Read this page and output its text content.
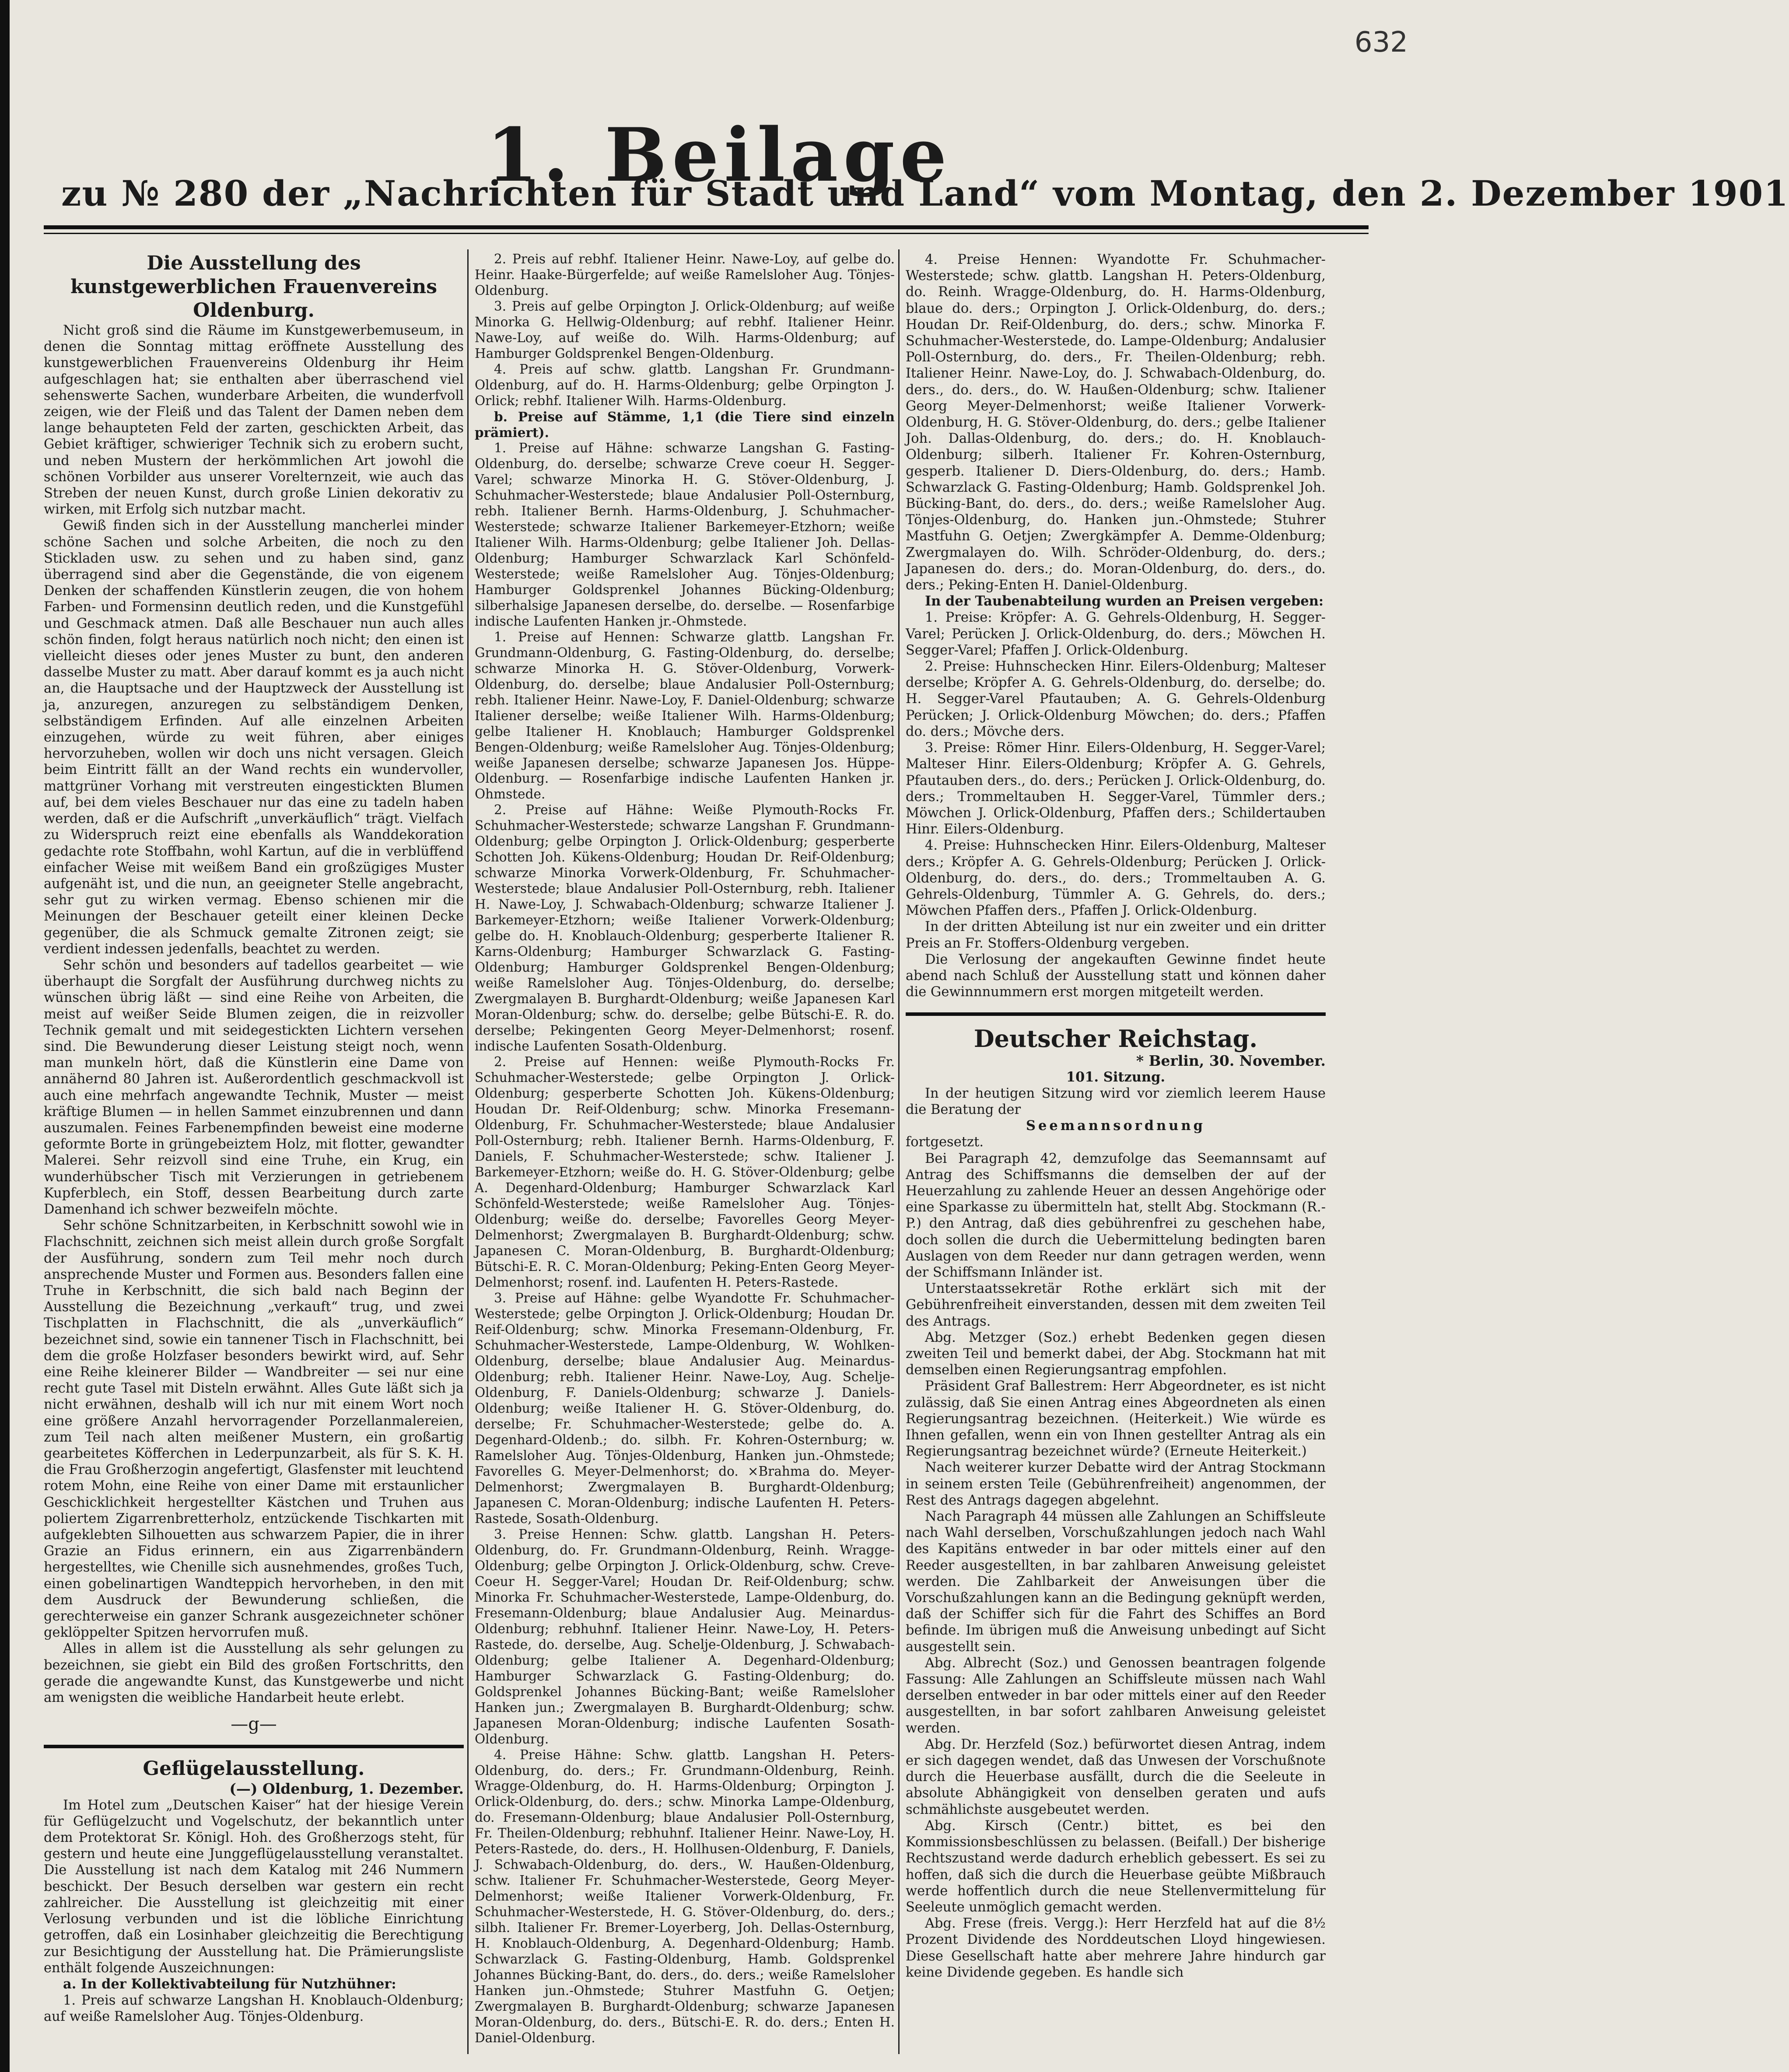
632
1. Beilage
zu № 280 der „Nachrichten für Stadt und Land“ vom Montag, den 2. Dezember 1901

Die Ausstellung des kunstgewerblichen Frauenvereins Oldenburg.

Nicht groß sind die Räume im Kunstgewerbemuseum, in denen die Sonntag mittag eröffnete Ausstellung des kunstgewerblichen Frauenvereins Oldenburg ihr Heim aufgeschlagen hat; sie enthalten aber überraschend viel sehenswerte Sachen, wunderbare Arbeiten, die wunderfvoll zeigen, wie der Fleiß und das Talent der Damen neben dem lange behaupteten Feld der zarten, geschickten Arbeit, das Gebiet kräftiger, schwieriger Technik sich zu erobern sucht, und neben Mustern der herkömmlichen Art jowohl die schönen Vorbilder aus unserer Vorelternzeit, wie auch das Streben der neuen Kunst, durch große Linien dekorativ zu wirken, mit Erfolg sich nutzbar macht.

Gewiß finden sich in der Ausstellung mancherlei minder schöne Sachen und solche Arbeiten, die noch zu den Stickladen usw. zu sehen und zu haben sind, ganz überragend sind aber die Gegenstände, die von eigenem Denken der schaffenden Künstlerin zeugen, die von hohem Farben- und Formensinn deutlich reden, und die Kunstgefühl und Geschmack atmen. Daß alle Beschauer nun auch alles schön finden, folgt heraus natürlich noch nicht; den einen ist vielleicht dieses oder jenes Muster zu bunt, den anderen dasselbe Muster zu matt. Aber darauf kommt es ja auch nicht an, die Hauptsache und der Hauptzweck der Ausstellung ist ja, anzuregen, anzuregen zu selbständigem Denken, selbständigem Erfinden. Auf alle einzelnen Arbeiten einzugehen, würde zu weit führen, aber einiges hervorzuheben, wollen wir doch uns nicht versagen. Gleich beim Eintritt fällt an der Wand rechts ein wundervoller, mattgrüner Vorhang mit verstreuten eingestickten Blumen auf, bei dem vieles Beschauer nur das eine zu tadeln haben werden, daß er die Aufschrift „unverkäuflich“ trägt. Vielfach zu Widerspruch reizt eine ebenfalls als Wanddekoration gedachte rote Stoffbahn, wohl Kartun, auf die in verblüffend einfacher Weise mit weißem Band ein großzügiges Muster aufgenäht ist, und die nun, an geeigneter Stelle angebracht, sehr gut zu wirken vermag. Ebenso schienen mir die Meinungen der Beschauer geteilt einer kleinen Decke gegenüber, die als Schmuck gemalte Zitronen zeigt; sie verdient indessen jedenfalls, beachtet zu werden.

Sehr schön und besonders auf tadellos gearbeitet — wie überhaupt die Sorgfalt der Ausführung durchweg nichts zu wünschen übrig läßt — sind eine Reihe von Arbeiten, die meist auf weißer Seide Blumen zeigen, die in reizvoller Technik gemalt und mit seidegestickten Lichtern versehen sind. Die Bewunderung dieser Leistung steigt noch, wenn man munkeln hört, daß die Künstlerin eine Dame von annähernd 80 Jahren ist. Außerordentlich geschmackvoll ist auch eine mehrfach angewandte Technik, Muster — meist kräftige Blumen — in hellen Sammet einzubrennen und dann auszumalen. Feines Farbenempfinden beweist eine moderne geformte Borte in grüngebeiztem Holz, mit flotter, gewandter Malerei. Sehr reizvoll sind eine Truhe, ein Krug, ein wunderhübscher Tisch mit Verzierungen in getriebenem Kupferblech, ein Stoff, dessen Bearbeitung durch zarte Damenhand ich schwer bezweifeln möchte.

Sehr schöne Schnitzarbeiten, in Kerbschnitt sowohl wie in Flachschnitt, zeichnen sich meist allein durch große Sorgfalt der Ausführung, sondern zum Teil mehr noch durch ansprechende Muster und Formen aus. Besonders fallen eine Truhe in Kerbschnitt, die sich bald nach Beginn der Ausstellung die Bezeichnung „verkauft“ trug, und zwei Tischplatten in Flachschnitt, die als „unverkäuflich“ bezeichnet sind, sowie ein tannener Tisch in Flachschnitt, bei dem die große Holzfaser besonders bewirkt wird, auf. Sehr eine Reihe kleinerer Bilder — Wandbreiter — sei nur eine recht gute Tasel mit Disteln erwähnt. Alles Gute läßt sich ja nicht erwähnen, deshalb will ich nur mit einem Wort noch eine größere Anzahl hervorragender Porzellanmalereien, zum Teil nach alten meißener Mustern, ein großartig gearbeitetes Köfferchen in Lederpunzarbeit, als für S. K. H. die Frau Großherzogin angefertigt, Glasfenster mit leuchtend rotem Mohn, eine Reihe von einer Dame mit erstaunlicher Geschicklichkeit hergestellter Kästchen und Truhen aus poliertem Zigarrenbretterholz, entzückende Tischkarten mit aufgeklebten Silhouetten aus schwarzem Papier, die in ihrer Grazie an Fidus erinnern, ein aus Zigarrenbändern hergestelltes, wie Chenille sich ausnehmendes, großes Tuch, einen gobelinartigen Wandteppich hervorheben, in den mit dem Ausdruck der Bewunderung schließen, die gerechterweise ein ganzer Schrank ausgezeichneter schöner geklöppelter Spitzen hervorrufen muß.

Alles in allem ist die Ausstellung als sehr gelungen zu bezeichnen, sie giebt ein Bild des großen Fortschritts, den gerade die angewandte Kunst, das Kunstgewerbe und nicht am wenigsten die weibliche Handarbeit heute erlebt.

—g—

Geflügelausstellung.

(—) Oldenburg, 1. Dezember.

Im Hotel zum „Deutschen Kaiser“ hat der hiesige Verein für Geflügelzucht und Vogelschutz, der bekanntlich unter dem Protektorat Sr. Königl. Hoh. des Großherzogs steht, für gestern und heute eine Junggeflügelausstellung veranstaltet. Die Ausstellung ist nach dem Katalog mit 246 Nummern beschickt. Der Besuch derselben war gestern ein recht zahlreicher. Die Ausstellung ist gleichzeitig mit einer Verlosung verbunden und ist die löbliche Einrichtung getroffen, daß ein Losinhaber gleichzeitig die Berechtigung zur Besichtigung der Ausstellung hat. Die Prämierungsliste enthält folgende Auszeichnungen:

a. In der Kollektivabteilung für Nutzhühner:

1. Preis auf schwarze Langshan H. Knoblauch-Oldenburg; auf weiße Ramelsloher Aug. Tönjes-Oldenburg.

2. Preis auf rebhf. Italiener Heinr. Nawe-Loy, auf gelbe do. Heinr. Haake-Bürgerfelde; auf weiße Ramelsloher Aug. Tönjes-Oldenburg.

3. Preis auf gelbe Orpington J. Orlick-Oldenburg; auf weiße Minorka G. Hellwig-Oldenburg; auf rebhf. Italiener Heinr. Nawe-Loy, auf weiße do. Wilh. Harms-Oldenburg; auf Hamburger Goldsprenkel Bengen-Oldenburg.

4. Preis auf schw. glattb. Langshan Fr. Grundmann-Oldenburg, auf do. H. Harms-Oldenburg; gelbe Orpington J. Orlick; rebhf. Italiener Wilh. Harms-Oldenburg.

b. Preise auf Stämme, 1,1 (die Tiere sind einzeln prämiert).

1. Preise auf Hähne: schwarze Langshan G. Fasting-Oldenburg, do. derselbe; schwarze Creve coeur H. Segger-Varel; schwarze Minorka H. G. Stöver-Oldenburg, J. Schuhmacher-Westerstede; blaue Andalusier Poll-Osternburg, rebh. Italiener Bernh. Harms-Oldenburg, J. Schuhmacher-Westerstede; schwarze Italiener Barkemeyer-Etzhorn; weiße Italiener Wilh. Harms-Oldenburg; gelbe Italiener Joh. Dellas-Oldenburg; Hamburger Schwarzlack Karl Schönfeld-Westerstede; weiße Ramelsloher Aug. Tönjes-Oldenburg; Hamburger Goldsprenkel Johannes Bücking-Oldenburg; silberhalsige Japanesen derselbe, do. derselbe. — Rosenfarbige indische Laufenten Hanken jr.-Ohmstede.

1. Preise auf Hennen: Schwarze glattb. Langshan Fr. Grundmann-Oldenburg, G. Fasting-Oldenburg, do. derselbe; schwarze Minorka H. G. Stöver-Oldenburg, Vorwerk-Oldenburg, do. derselbe; blaue Andalusier Poll-Osternburg; rebh. Italiener Heinr. Nawe-Loy, F. Daniel-Oldenburg; schwarze Italiener derselbe; weiße Italiener Wilh. Harms-Oldenburg; gelbe Italiener H. Knoblauch; Hamburger Goldsprenkel Bengen-Oldenburg; weiße Ramelsloher Aug. Tönjes-Oldenburg; weiße Japanesen derselbe; schwarze Japanesen Jos. Hüppe-Oldenburg. — Rosenfarbige indische Laufenten Hanken jr. Ohmstede.

2. Preise auf Hähne: Weiße Plymouth-Rocks Fr. Schuhmacher-Westerstede; schwarze Langshan F. Grundmann-Oldenburg; gelbe Orpington J. Orlick-Oldenburg; gesperberte Schotten Joh. Kükens-Oldenburg; Houdan Dr. Reif-Oldenburg; schwarze Minorka Vorwerk-Oldenburg, Fr. Schuhmacher-Westerstede; blaue Andalusier Poll-Osternburg, rebh. Italiener H. Nawe-Loy, J. Schwabach-Oldenburg; schwarze Italiener J. Barkemeyer-Etzhorn; weiße Italiener Vorwerk-Oldenburg; gelbe do. H. Knoblauch-Oldenburg; gesperberte Italiener R. Karns-Oldenburg; Hamburger Schwarzlack G. Fasting-Oldenburg; Hamburger Goldsprenkel Bengen-Oldenburg; weiße Ramelsloher Aug. Tönjes-Oldenburg, do. derselbe; Zwergmalayen B. Burghardt-Oldenburg; weiße Japanesen Karl Moran-Oldenburg; schw. do. derselbe; gelbe Bütschi-E. R. do. derselbe; Pekingenten Georg Meyer-Delmenhorst; rosenf. indische Laufenten Sosath-Oldenburg.

2. Preise auf Hennen: weiße Plymouth-Rocks Fr. Schuhmacher-Westerstede; gelbe Orpington J. Orlick-Oldenburg; gesperberte Schotten Joh. Kükens-Oldenburg; Houdan Dr. Reif-Oldenburg; schw. Minorka Fresemann-Oldenburg, Fr. Schuhmacher-Westerstede; blaue Andalusier Poll-Osternburg; rebh. Italiener Bernh. Harms-Oldenburg, F. Daniels, F. Schuhmacher-Westerstede; schw. Italiener J. Barkemeyer-Etzhorn; weiße do. H. G. Stöver-Oldenburg; gelbe A. Degenhard-Oldenburg; Hamburger Schwarzlack Karl Schönfeld-Westerstede; weiße Ramelsloher Aug. Tönjes-Oldenburg; weiße do. derselbe; Favorelles Georg Meyer-Delmenhorst; Zwergmalayen B. Burghardt-Oldenburg; schw. Japanesen C. Moran-Oldenburg, B. Burghardt-Oldenburg; Bütschi-E. R. C. Moran-Oldenburg; Peking-Enten Georg Meyer-Delmenhorst; rosenf. ind. Laufenten H. Peters-Rastede.

3. Preise auf Hähne: gelbe Wyandotte Fr. Schuhmacher-Westerstede; gelbe Orpington J. Orlick-Oldenburg; Houdan Dr. Reif-Oldenburg; schw. Minorka Fresemann-Oldenburg, Fr. Schuhmacher-Westerstede, Lampe-Oldenburg, W. Wohlken-Oldenburg, derselbe; blaue Andalusier Aug. Meinardus-Oldenburg; rebh. Italiener Heinr. Nawe-Loy, Aug. Schelje-Oldenburg, F. Daniels-Oldenburg; schwarze J. Daniels-Oldenburg; weiße Italiener H. G. Stöver-Oldenburg, do. derselbe; Fr. Schuhmacher-Westerstede; gelbe do. A. Degenhard-Oldenb.; do. silbh. Fr. Kohren-Osternburg; w. Ramelsloher Aug. Tönjes-Oldenburg, Hanken jun.-Ohmstede; Favorelles G. Meyer-Delmenhorst; do. ×Brahma do. Meyer-Delmenhorst; Zwergmalayen B. Burghardt-Oldenburg; Japanesen C. Moran-Oldenburg; indische Laufenten H. Peters-Rastede, Sosath-Oldenburg.

3. Preise Hennen: Schw. glattb. Langshan H. Peters-Oldenburg, do. Fr. Grundmann-Oldenburg, Reinh. Wragge-Oldenburg; gelbe Orpington J. Orlick-Oldenburg, schw. Creve-Coeur H. Segger-Varel; Houdan Dr. Reif-Oldenburg; schw. Minorka Fr. Schuhmacher-Westerstede, Lampe-Oldenburg, do. Fresemann-Oldenburg; blaue Andalusier Aug. Meinardus-Oldenburg; rebhuhnf. Italiener Heinr. Nawe-Loy, H. Peters-Rastede, do. derselbe, Aug. Schelje-Oldenburg, J. Schwabach-Oldenburg; gelbe Italiener A. Degenhard-Oldenburg; Hamburger Schwarzlack G. Fasting-Oldenburg; do. Goldsprenkel Johannes Bücking-Bant; weiße Ramelsloher Hanken jun.; Zwergmalayen B. Burghardt-Oldenburg; schw. Japanesen Moran-Oldenburg; indische Laufenten Sosath-Oldenburg.

4. Preise Hähne: Schw. glattb. Langshan H. Peters-Oldenburg, do. ders.; Fr. Grundmann-Oldenburg, Reinh. Wragge-Oldenburg, do. H. Harms-Oldenburg; Orpington J. Orlick-Oldenburg, do. ders.; schw. Minorka Lampe-Oldenburg, do. Fresemann-Oldenburg; blaue Andalusier Poll-Osternburg, Fr. Theilen-Oldenburg; rebhuhnf. Italiener Heinr. Nawe-Loy, H. Peters-Rastede, do. ders., H. Hollhusen-Oldenburg, F. Daniels, J. Schwabach-Oldenburg, do. ders., W. Haußen-Oldenburg, schw. Italiener Fr. Schuhmacher-Westerstede, Georg Meyer-Delmenhorst; weiße Italiener Vorwerk-Oldenburg, Fr. Schuhmacher-Westerstede, H. G. Stöver-Oldenburg, do. ders.; silbh. Italiener Fr. Bremer-Loyerberg, Joh. Dellas-Osternburg, H. Knoblauch-Oldenburg, A. Degenhard-Oldenburg; Hamb. Schwarzlack G. Fasting-Oldenburg, Hamb. Goldsprenkel Johannes Bücking-Bant, do. ders., do. ders.; weiße Ramelsloher Hanken jun.-Ohmstede; Stuhrer Mastfuhn G. Oetjen; Zwergmalayen B. Burghardt-Oldenburg; schwarze Japanesen Moran-Oldenburg, do. ders., Bütschi-E. R. do. ders.; Enten H. Daniel-Oldenburg.

4. Preise Hennen: Wyandotte Fr. Schuhmacher-Westerstede; schw. glattb. Langshan H. Peters-Oldenburg, do. Reinh. Wragge-Oldenburg, do. H. Harms-Oldenburg, blaue do. ders.; Orpington J. Orlick-Oldenburg, do. ders.; Houdan Dr. Reif-Oldenburg, do. ders.; schw. Minorka F. Schuhmacher-Westerstede, do. Lampe-Oldenburg; Andalusier Poll-Osternburg, do. ders., Fr. Theilen-Oldenburg; rebh. Italiener Heinr. Nawe-Loy, do. J. Schwabach-Oldenburg, do. ders., do. ders., do. W. Haußen-Oldenburg; schw. Italiener Georg Meyer-Delmenhorst; weiße Italiener Vorwerk-Oldenburg, H. G. Stöver-Oldenburg, do. ders.; gelbe Italiener Joh. Dallas-Oldenburg, do. ders.; do. H. Knoblauch-Oldenburg; silberh. Italiener Fr. Kohren-Osternburg, gesperb. Italiener D. Diers-Oldenburg, do. ders.; Hamb. Schwarzlack G. Fasting-Oldenburg; Hamb. Goldsprenkel Joh. Bücking-Bant, do. ders., do. ders.; weiße Ramelsloher Aug. Tönjes-Oldenburg, do. Hanken jun.-Ohmstede; Stuhrer Mastfuhn G. Oetjen; Zwergkämpfer A. Demme-Oldenburg; Zwergmalayen do. Wilh. Schröder-Oldenburg, do. ders.; Japanesen do. ders.; do. Moran-Oldenburg, do. ders., do. ders.; Peking-Enten H. Daniel-Oldenburg.

In der Taubenabteilung wurden an Preisen vergeben:

1. Preise: Kröpfer: A. G. Gehrels-Oldenburg, H. Segger-Varel; Perücken J. Orlick-Oldenburg, do. ders.; Möwchen H. Segger-Varel; Pfaffen J. Orlick-Oldenburg.

2. Preise: Huhnschecken Hinr. Eilers-Oldenburg; Malteser derselbe; Kröpfer A. G. Gehrels-Oldenburg, do. derselbe; do. H. Segger-Varel Pfautauben; A. G. Gehrels-Oldenburg Perücken; J. Orlick-Oldenburg Möwchen; do. ders.; Pfaffen do. ders.; Mövche ders.

3. Preise: Römer Hinr. Eilers-Oldenburg, H. Segger-Varel; Malteser Hinr. Eilers-Oldenburg; Kröpfer A. G. Gehrels, Pfautauben ders., do. ders.; Perücken J. Orlick-Oldenburg, do. ders.; Trommeltauben H. Segger-Varel, Tümmler ders.; Möwchen J. Orlick-Oldenburg, Pfaffen ders.; Schildertauben Hinr. Eilers-Oldenburg.

4. Preise: Huhnschecken Hinr. Eilers-Oldenburg, Malteser ders.; Kröpfer A. G. Gehrels-Oldenburg; Perücken J. Orlick-Oldenburg, do. ders., do. ders.; Trommeltauben A. G. Gehrels-Oldenburg, Tümmler A. G. Gehrels, do. ders.; Möwchen Pfaffen ders., Pfaffen J. Orlick-Oldenburg.

In der dritten Abteilung ist nur ein zweiter und ein dritter Preis an Fr. Stoffers-Oldenburg vergeben.

Die Verlosung der angekauften Gewinne findet heute abend nach Schluß der Ausstellung statt und können daher die Gewinnnummern erst morgen mitgeteilt werden.

Deutscher Reichstag.

* Berlin, 30. November.

101. Sitzung.

In der heutigen Sitzung wird vor ziemlich leerem Hause die Beratung der

Seemannsordnung

fortgesetzt.

Bei Paragraph 42, demzufolge das Seemannsamt auf Antrag des Schiffsmanns die demselben der auf der Heuerzahlung zu zahlende Heuer an dessen Angehörige oder eine Sparkasse zu übermitteln hat, stellt Abg. Stockmann (R.-P.) den Antrag, daß dies gebührenfrei zu geschehen habe, doch sollen die durch die Uebermittelung bedingten baren Auslagen von dem Reeder nur dann getragen werden, wenn der Schiffsmann Inländer ist.

Unterstaatssekretär Rothe erklärt sich mit der Gebührenfreiheit einverstanden, dessen mit dem zweiten Teil des Antrags.

Abg. Metzger (Soz.) erhebt Bedenken gegen diesen zweiten Teil und bemerkt dabei, der Abg. Stockmann hat mit demselben einen Regierungsantrag empfohlen.

Präsident Graf Ballestrem: Herr Abgeordneter, es ist nicht zulässig, daß Sie einen Antrag eines Abgeordneten als einen Regierungsantrag bezeichnen. (Heiterkeit.) Wie würde es Ihnen gefallen, wenn ein von Ihnen gestellter Antrag als ein Regierungsantrag bezeichnet würde? (Erneute Heiterkeit.)

Nach weiterer kurzer Debatte wird der Antrag Stockmann in seinem ersten Teile (Gebührenfreiheit) angenommen, der Rest des Antrags dagegen abgelehnt.

Nach Paragraph 44 müssen alle Zahlungen an Schiffsleute nach Wahl derselben, Vorschußzahlungen jedoch nach Wahl des Kapitäns entweder in bar oder mittels einer auf den Reeder ausgestellten, in bar zahlbaren Anweisung geleistet werden. Die Zahlbarkeit der Anweisungen über die Vorschußzahlungen kann an die Bedingung geknüpft werden, daß der Schiffer sich für die Fahrt des Schiffes an Bord befinde. Im übrigen muß die Anweisung unbedingt auf Sicht ausgestellt sein.

Abg. Albrecht (Soz.) und Genossen beantragen folgende Fassung: Alle Zahlungen an Schiffsleute müssen nach Wahl derselben entweder in bar oder mittels einer auf den Reeder ausgestellten, in bar sofort zahlbaren Anweisung geleistet werden.

Abg. Dr. Herzfeld (Soz.) befürwortet diesen Antrag, indem er sich dagegen wendet, daß das Unwesen der Vorschußnote durch die Heuerbase ausfällt, durch die die Seeleute in absolute Abhängigkeit von denselben geraten und aufs schmählichste ausgebeutet werden.

Abg. Kirsch (Centr.) bittet, es bei den Kommissionsbeschlüssen zu belassen. (Beifall.) Der bisherige Rechtszustand werde dadurch erheblich gebessert. Es sei zu hoffen, daß sich die durch die Heuerbase geübte Mißbrauch werde hoffentlich durch die neue Stellenvermittelung für Seeleute unmöglich gemacht werden.

Abg. Frese (freis. Vergg.): Herr Herzfeld hat auf die 8½ Prozent Dividende des Norddeutschen Lloyd hingewiesen. Diese Gesellschaft hatte aber mehrere Jahre hindurch gar keine Dividende gegeben. Es handle sich
